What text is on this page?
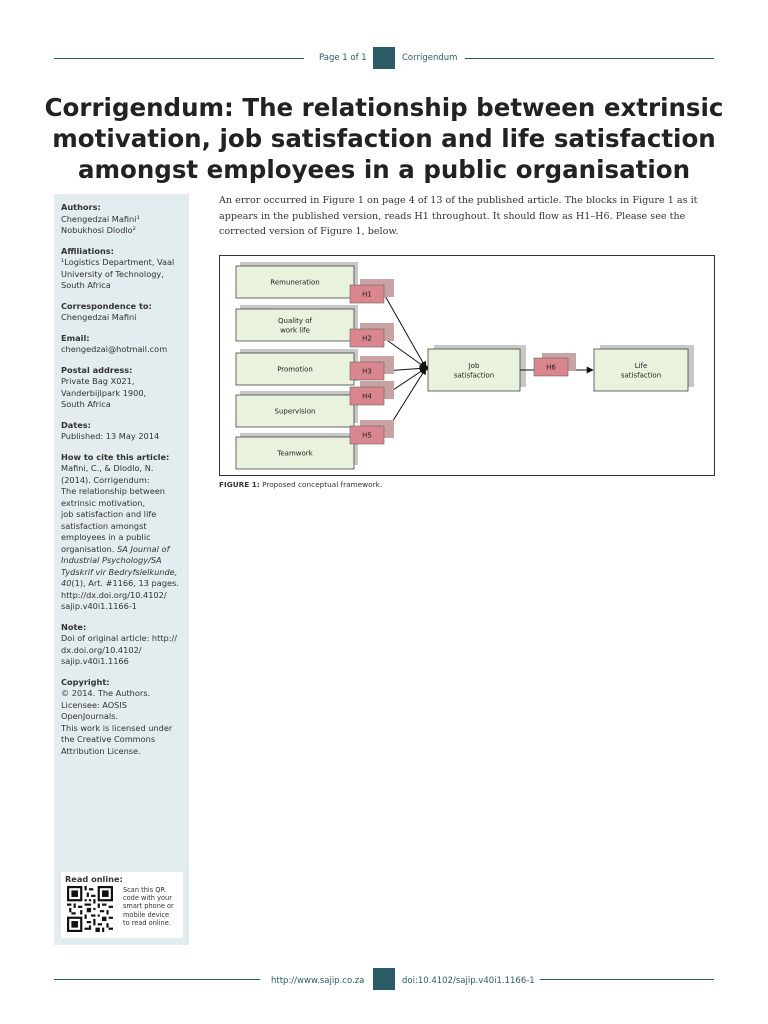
Page 1 of 1	Corrigendum
Corrigendum: The relationship between extrinsic
motivation, job satisfaction and life satisfaction
amongst employees in a public organisation
Authors:
Chengedzai Mafini¹
Nobukhosi Dlodlo²
Affiliations:
¹Logistics Department, Vaal
University of Technology,
South Africa
Correspondence to:
Chengedzai Mafini
Email:
chengedzai@hotmail.com
Postal address:
Private Bag X021,
Vanderbijlpark 1900,
South Africa
Dates:
Published: 13 May 2014
How to cite this article:
Mafini, C., & Dlodlo, N.
(2014). Corrigendum:
The relationship between
extrinsic motivation,
job satisfaction and life
satisfaction amongst
employees in a public
organisation. SA Journal of
Industrial Psychology/SA
Tydskrif vir Bedryfsielkunde,
40(1), Art. #1166, 13 pages.
http://dx.doi.org/10.4102/
sajip.v40i1.1166-1
Note:
Doi of original article: http://
dx.doi.org/10.4102/
sajip.v40i1.1166
Copyright:
© 2014. The Authors.
Licensee: AOSIS
OpenJournals.
This work is licensed under
the Creative Commons
Attribution License.
Read online:
Scan this QR
code with your
smart phone or
mobile device
to read online.
An error occurred in Figure 1 on page 4 of 13 of the published article. The blocks in Figure 1 as it
appears in the published version, reads H1 throughout. It should flow as H1–H6. Please see the
corrected version of Figure 1, below.
Remuneration
Quality of
work life
Promotion
Supervision
Teamwork
H1
H2
H3
H4
H5
Job
satisfaction
H6	Life
satisfaction
FIGURE 1: Proposed conceptual framework.
http://www.sajip.co.za	doi:10.4102/sajip.v40i1.1166-1
